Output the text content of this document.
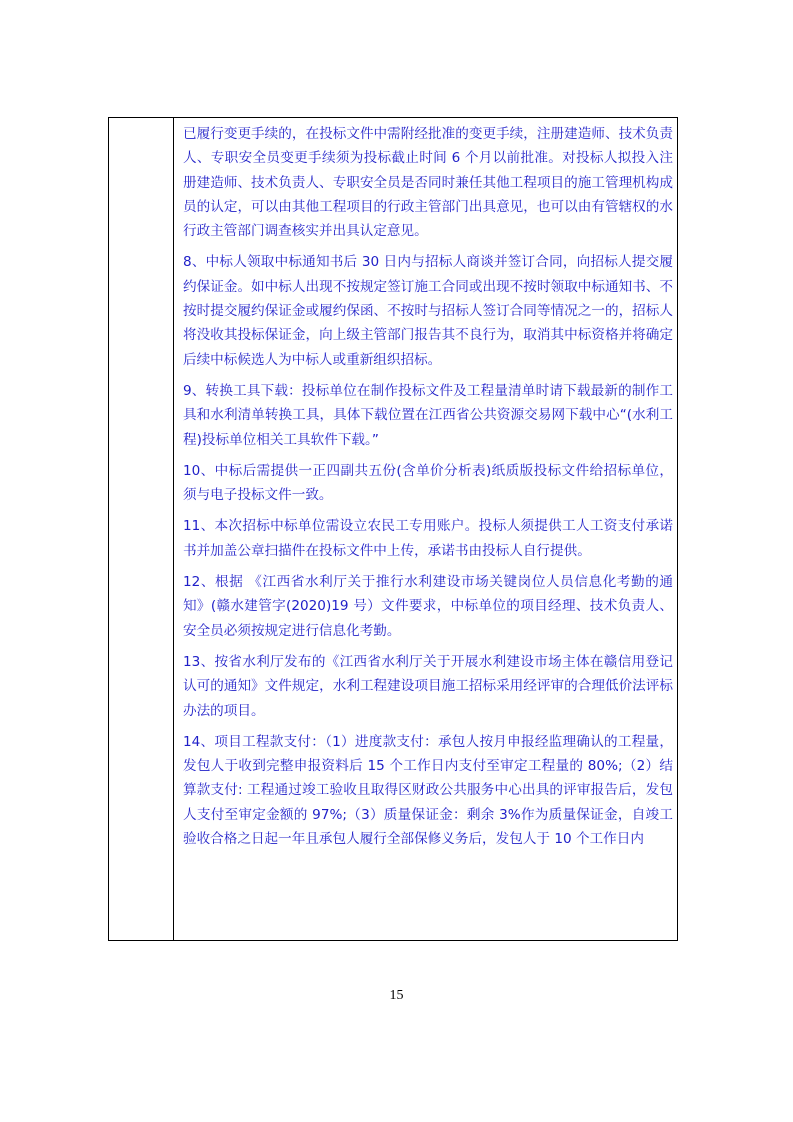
已履行变更手续的，在投标文件中需附经批准的变更手续，注册建造师、技术负责人、专职安全员变更手续须为投标截止时间 6 个月以前批准。对投标人拟投入注册建造师、技术负责人、专职安全员是否同时兼任其他工程项目的施工管理机构成员的认定，可以由其他工程项目的行政主管部门出具意见，也可以由有管辖权的水行政主管部门调查核实并出具认定意见。

8、中标人领取中标通知书后 30 日内与招标人商谈并签订合同，向招标人提交履约保证金。如中标人出现不按规定签订施工合同或出现不按时领取中标通知书、不按时提交履约保证金或履约保函、不按时与招标人签订合同等情况之一的，招标人将没收其投标保证金，向上级主管部门报告其不良行为，取消其中标资格并将确定后续中标候选人为中标人或重新组织招标。

9、转换工具下载：投标单位在制作投标文件及工程量清单时请下载最新的制作工具和水利清单转换工具，具体下载位置在江西省公共资源交易网下载中心“(水利工程)投标单位相关工具软件下载。”

10、中标后需提供一正四副共五份(含单价分析表)纸质版投标文件给招标单位，须与电子投标文件一致。

11、本次招标中标单位需设立农民工专用账户。投标人须提供工人工资支付承诺书并加盖公章扫描件在投标文件中上传，承诺书由投标人自行提供。

12、根据 《江西省水利厅关于推行水利建设市场关键岗位人员信息化考勤的通知》(赣水建管字(2020)19 号）文件要求，中标单位的项目经理、技术负责人、安全员必须按规定进行信息化考勤。

13、按省水利厅发布的《江西省水利厅关于开展水利建设市场主体在赣信用登记认可的通知》文件规定，水利工程建设项目施工招标采用经评审的合理低价法评标办法的项目。

14、项目工程款支付：（1）进度款支付：承包人按月申报经监理确认的工程量，发包人于收到完整申报资料后 15 个工作日内支付至审定工程量的 80%;（2）结算款支付: 工程通过竣工验收且取得区财政公共服务中心出具的评审报告后，发包人支付至审定金额的 97%;（3）质量保证金：剩余 3%作为质量保证金，自竣工验收合格之日起一年且承包人履行全部保修义务后，发包人于 10 个工作日内

15
